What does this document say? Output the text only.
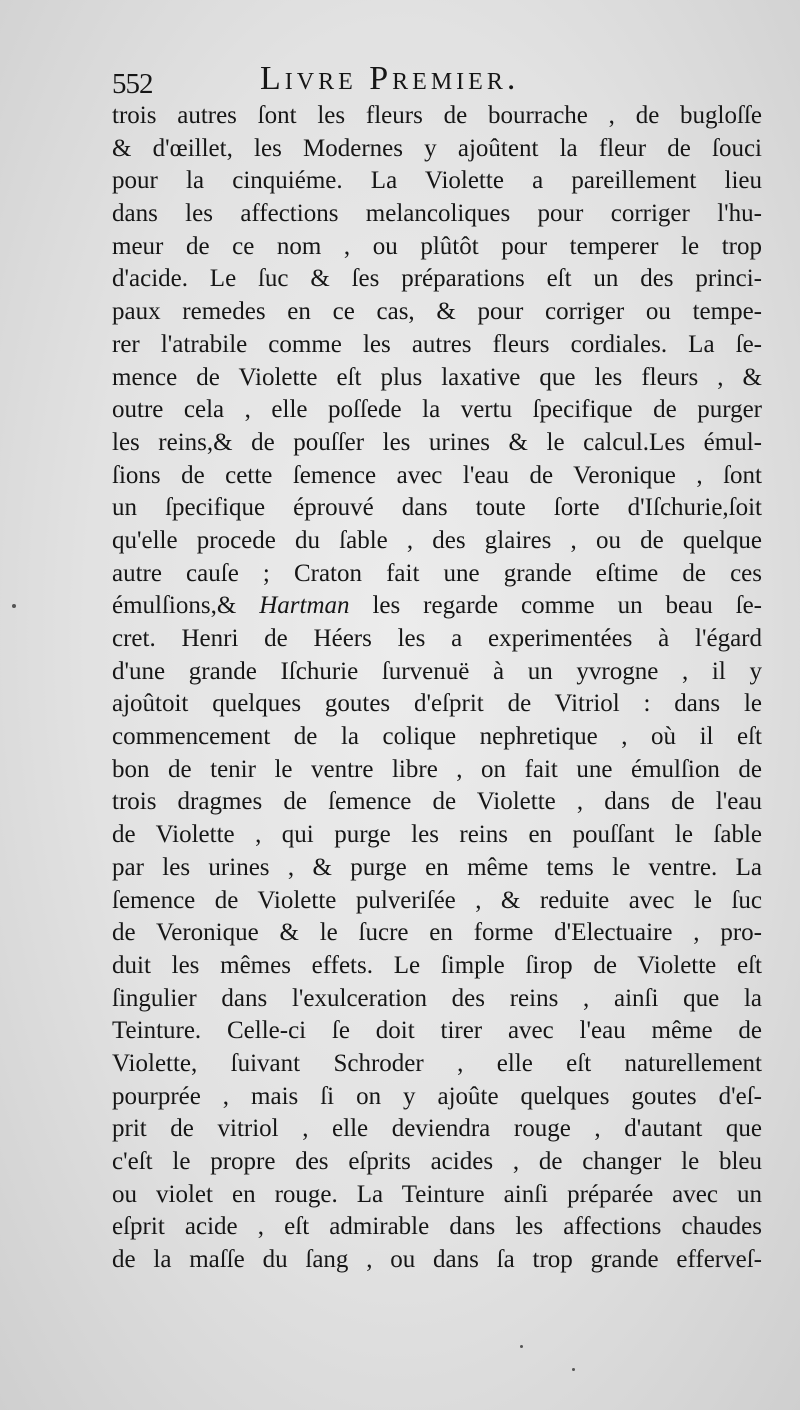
552	Livre Premier.
trois autres ſont les fleurs de bourrache , de bugloſſe
& d'œillet, les Modernes y ajoûtent la fleur de ſouci
pour la cinquiéme. La Violette a pareillement lieu
dans les affections melancoliques pour corriger l'hu-
meur de ce nom , ou plûtôt pour temperer le trop
d'acide. Le ſuc & ſes préparations eſt un des princi-
paux remedes en ce cas, & pour corriger ou tempe-
rer l'atrabile comme les autres fleurs cordiales. La ſe-
mence de Violette eſt plus laxative que les fleurs , &
outre cela , elle poſſede la vertu ſpecifique de purger
les reins,& de pouſſer les urines & le calcul.Les émul-
ſions de cette ſemence avec l'eau de Veronique , ſont
un ſpecifique éprouvé dans toute ſorte d'Iſchurie,ſoit
qu'elle procede du ſable , des glaires , ou de quelque
autre cauſe ; Craton fait une grande eſtime de ces
émulſions,& Hartman les regarde comme un beau ſe-
cret. Henri de Héers les a experimentées à l'égard
d'une grande Iſchurie ſurvenuë à un yvrogne , il y
ajoûtoit quelques goutes d'eſprit de Vitriol : dans le
commencement de la colique nephretique , où il eſt
bon de tenir le ventre libre , on fait une émulſion de
trois dragmes de ſemence de Violette , dans de l'eau
de Violette , qui purge les reins en pouſſant le ſable
par les urines , & purge en même tems le ventre. La
ſemence de Violette pulveriſée , & reduite avec le ſuc
de Veronique & le ſucre en forme d'Electuaire , pro-
duit les mêmes effets. Le ſimple ſirop de Violette eſt
ſingulier dans l'exulceration des reins , ainſi que la
Teinture. Celle-ci ſe doit tirer avec l'eau même de
Violette, ſuivant Schroder , elle eſt naturellement
pourprée , mais ſi on y ajoûte quelques goutes d'eſ-
prit de vitriol , elle deviendra rouge , d'autant que
c'eſt le propre des eſprits acides , de changer le bleu
ou violet en rouge. La Teinture ainſi préparée avec un
eſprit acide , eſt admirable dans les affections chaudes
de la maſſe du ſang , ou dans ſa trop grande efferveſ-
